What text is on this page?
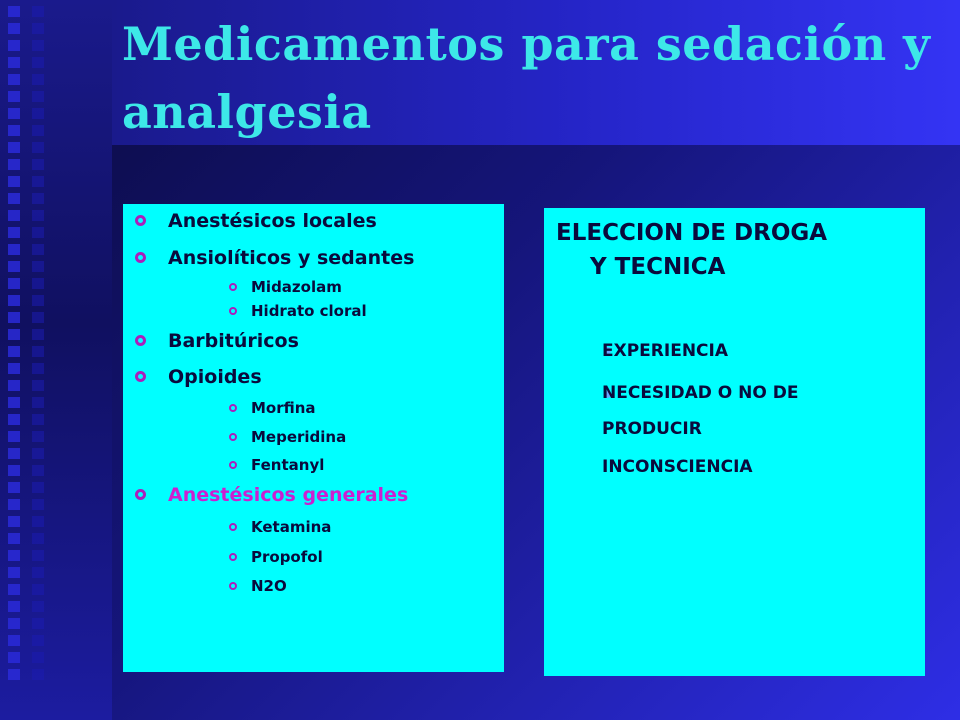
Medicamentos para sedación y analgesia
Anestésicos locales
Ansiolíticos y sedantes
Midazolam
Hidrato cloral
Barbitúricos
Opioides
Morfina
Meperidina
Fentanyl
Anestésicos generales
Ketamina
Propofol
N2O
ELECCION DE DROGA
Y TECNICA
EXPERIENCIA
NECESIDAD O NO DE
PRODUCIR
INCONSCIENCIA
